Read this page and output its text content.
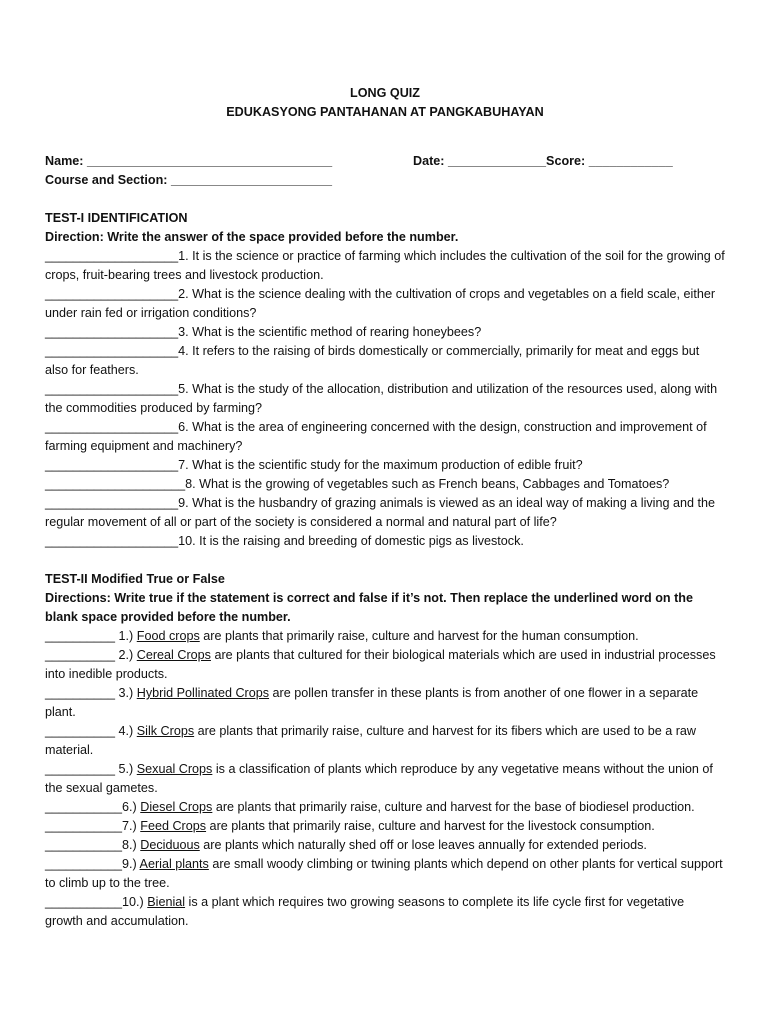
LONG QUIZ
EDUKASYONG PANTAHANAN AT PANGKABUHAYAN
Name: ___________________________________	Date: ______________Score: ____________
Course and Section: _______________________
TEST-I IDENTIFICATION
Direction: Write the answer of the space provided before the number.
___________________1. It is the science or practice of farming which includes the cultivation of the soil for the growing of crops, fruit-bearing trees and livestock production.
___________________2. What is the science dealing with the cultivation of crops and vegetables on a field scale, either under rain fed or irrigation conditions?
___________________3. What is the scientific method of rearing honeybees?
___________________4. It refers to the raising of birds domestically or commercially, primarily for meat and eggs but also for feathers.
___________________5. What is the study of the allocation, distribution and utilization of the resources used, along with the commodities produced by farming?
___________________6. What is the area of engineering concerned with the design, construction and improvement of farming equipment and machinery?
___________________7. What is the scientific study for the maximum production of edible fruit?
____________________8. What is the growing of vegetables such as French beans, Cabbages and Tomatoes?
___________________9. What is the husbandry of grazing animals is viewed as an ideal way of making a living and the regular movement of all or part of the society is considered a normal and natural part of life?
___________________10. It is the raising and breeding of domestic pigs as livestock.
TEST-II Modified True or False
Directions: Write true if the statement is correct and false if it’s not. Then replace the underlined word on the blank space provided before the number.
__________ 1.) Food crops are plants that primarily raise, culture and harvest for the human consumption.
__________ 2.) Cereal Crops are plants that cultured for their biological materials which are used in industrial processes into inedible products.
__________ 3.) Hybrid Pollinated Crops are pollen transfer in these plants is from another of one flower in a separate plant.
__________ 4.) Silk Crops are plants that primarily raise, culture and harvest for its fibers which are used to be a raw material.
__________ 5.) Sexual Crops is a classification of plants which reproduce by any vegetative means without the union of the sexual gametes.
___________6.) Diesel Crops are plants that primarily raise, culture and harvest for the base of biodiesel production.
___________7.) Feed Crops are plants that primarily raise, culture and harvest for the livestock consumption.
___________8.) Deciduous are plants which naturally shed off or lose leaves annually for extended periods.
___________9.) Aerial plants are small woody climbing or twining plants which depend on other plants for vertical support to climb up to the tree.
___________10.) Bienial is a plant which requires two growing seasons to complete its life cycle first for vegetative growth and accumulation.
